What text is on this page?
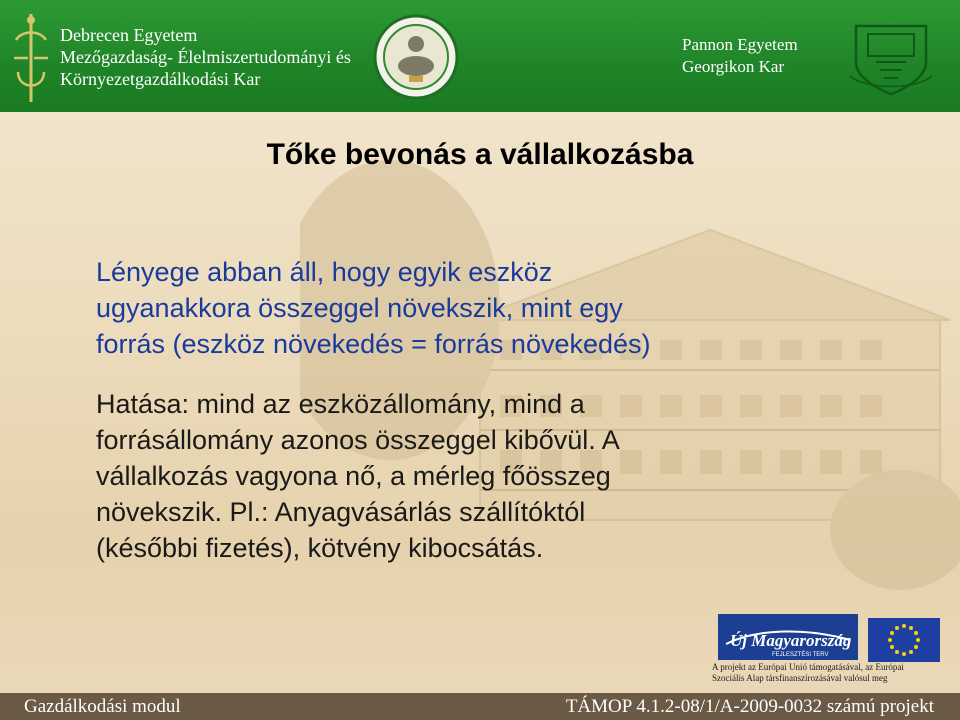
Debrecen Egyetem
Mezőgazdaság- Élelmiszertudományi és
Környezetgazdálkodási Kar
Pannon Egyetem
Georgikon Kar
Tőke bevonás a vállalkozásba
Lényege abban áll, hogy egyik eszköz
ugyanakkora összeggel növekszik, mint egy
forrás (eszköz növekedés = forrás növekedés)
Hatása: mind az eszközállomány, mind a
forrásállomány azonos összeggel kibővül. A
vállalkozás vagyona nő, a mérleg főösszeg
növekszik. Pl.: Anyagvásárlás szállítóktól
(későbbi fizetés), kötvény kibocsátás.
Új Magyarország
FEJLESZTÉSI TERV
A projekt az Európai Unió támogatásával, az Európai
Szociális Alap társfinanszírozásával valósul meg
Gazdálkodási modul	TÁMOP 4.1.2-08/1/A-2009-0032 számú projekt
